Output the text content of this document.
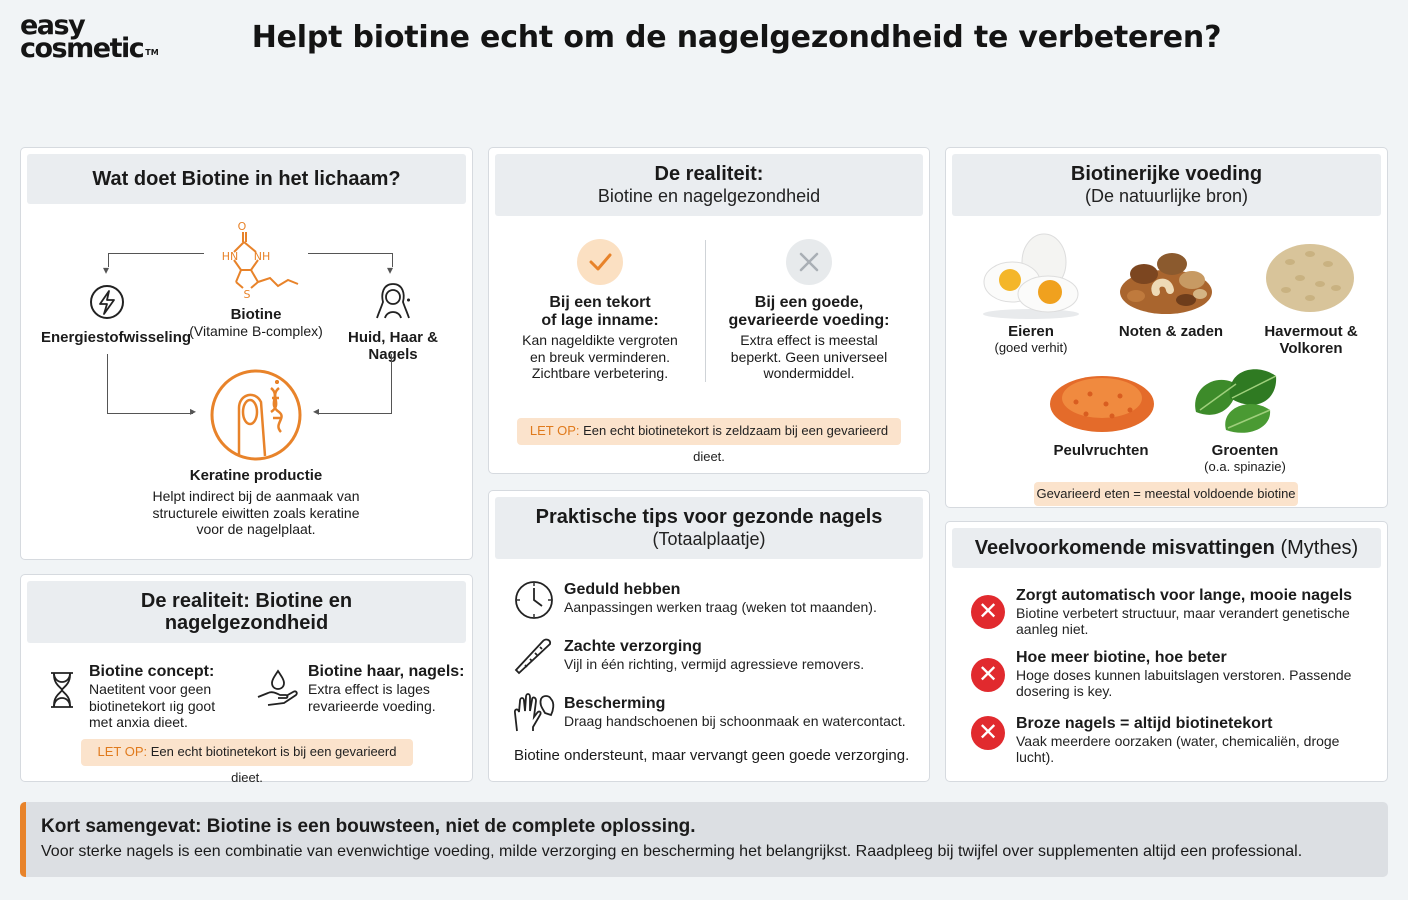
easy
cosmetic ™	Helpt biotine echt om de nagelgezondheid te verbeteren?
Wat doet Biotine in het lichaam?
O
HN NH
S
Biotine
(Vitamine B-complex)
▾	▾
Energiestofwisseling	Huid, Haar &
Nagels
▸	◂
Keratine productie
Helpt indirect bij de aanmaak van
structurele eiwitten zoals keratine
voor de nagelplaat.
De realiteit: Biotine en
nagelgezondheid
Biotine concept:
Naetitent voor geen
biotinetekort ıig goot
met anxia dieet.
Biotine haar, nagels:
Extra effect is lages
revarieerde voeding.
LET OP: Een echt biotinetekort is bij een gevarieerd dieet.
De realiteit:
Biotine en nagelgezondheid
Bij een tekort
of lage inname:
Kan nageldikte vergroten
en breuk verminderen.
Zichtbare verbetering.
Bij een goede,
gevarieerde voeding:
Extra effect is meestal
beperkt. Geen universeel
wondermiddel.
LET OP: Een echt biotinetekort is zeldzaam bij een gevarieerd dieet.
Praktische tips voor gezonde nagels
(Totaalplaatje)
Geduld hebben
Aanpassingen werken traag (weken tot maanden).
Zachte verzorging
Vijl in één richting, vermijd agressieve removers.
Bescherming
Draag handschoenen bij schoonmaak en watercontact.
Biotine ondersteunt, maar vervangt geen goede verzorging.
Biotinerijke voeding
(De natuurlijke bron)
Eieren
(goed verhit)
Noten & zaden	Havermout &
Volkoren
Peulvruchten	Groenten
(o.a. spinazie)
Gevarieerd eten = meestal voldoende biotine
Veelvoorkomende misvattingen (Mythes)
✕
Zorgt automatisch voor lange, mooie nagels
Biotine verbetert structuur, maar verandert genetische
aanleg niet.
✕
Hoe meer biotine, hoe beter
Hoge doses kunnen labuitslagen verstoren. Passende
dosering is key.
✕	Broze nagels = altijd biotinetekort
Vaak meerdere oorzaken (water, chemicaliën, droge lucht).
Kort samengevat: Biotine is een bouwsteen, niet de complete oplossing.
Voor sterke nagels is een combinatie van evenwichtige voeding, milde verzorging en bescherming het belangrijkst. Raadpleeg bij twijfel over supplementen altijd een professional.
